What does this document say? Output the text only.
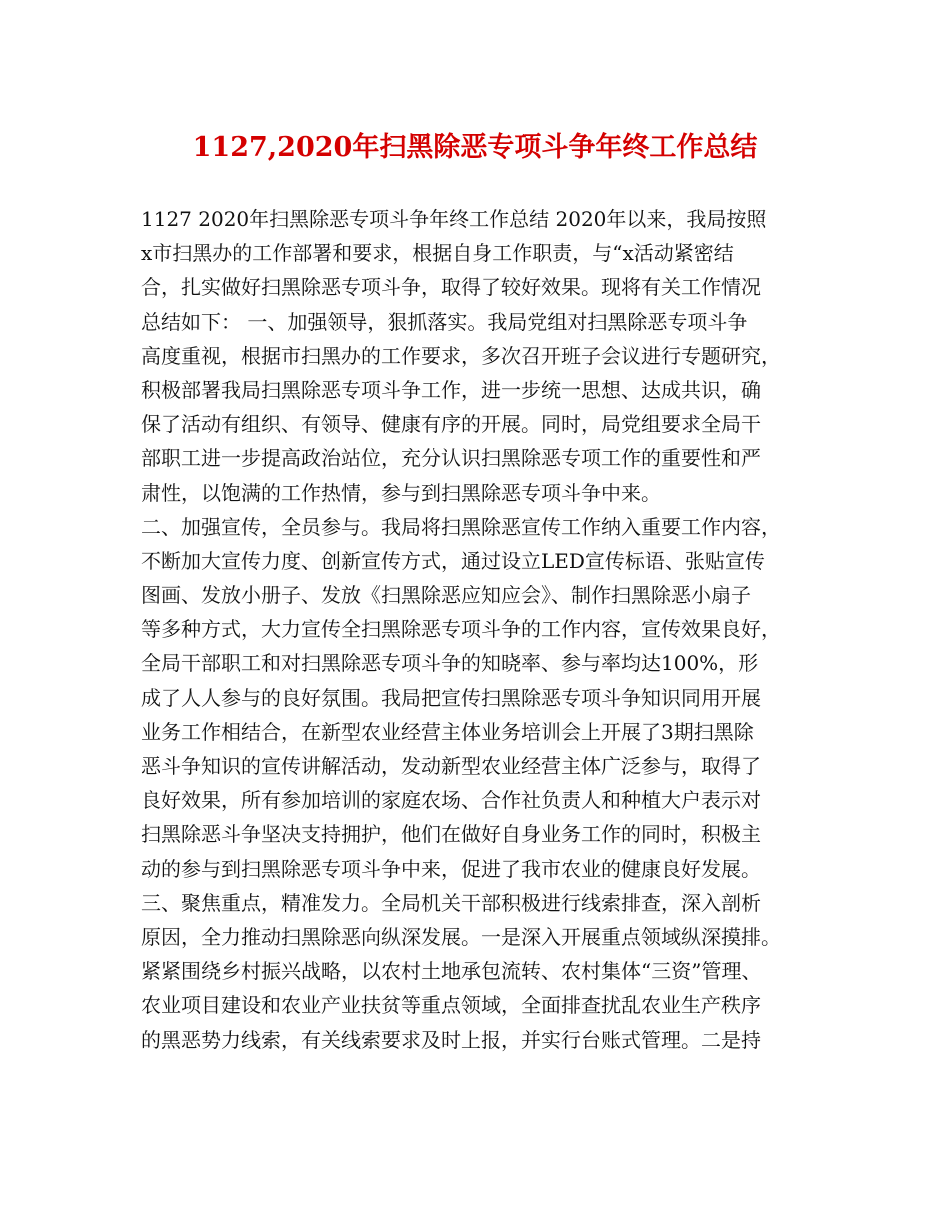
1127,2020年扫黑除恶专项斗争年终工作总结
1127 2020年扫黑除恶专项斗争年终工作总结 2020年以来，我局按照
x市扫黑办的工作部署和要求，根据自身工作职责，与“x活动紧密结
合，扎实做好扫黑除恶专项斗争，取得了较好效果。现将有关工作情况
总结如下： 一、加强领导，狠抓落实。我局党组对扫黑除恶专项斗争
高度重视，根据市扫黑办的工作要求，多次召开班子会议进行专题研究，
积极部署我局扫黑除恶专项斗争工作，进一步统一思想、达成共识，确
保了活动有组织、有领导、健康有序的开展。同时，局党组要求全局干
部职工进一步提高政治站位，充分认识扫黑除恶专项工作的重要性和严
肃性，以饱满的工作热情，参与到扫黑除恶专项斗争中来。
二、加强宣传，全员参与。我局将扫黑除恶宣传工作纳入重要工作内容，
不断加大宣传力度、创新宣传方式，通过设立LED宣传标语、张贴宣传
图画、发放小册子、发放《扫黑除恶应知应会》、制作扫黑除恶小扇子
等多种方式，大力宣传全扫黑除恶专项斗争的工作内容，宣传效果良好，
全局干部职工和对扫黑除恶专项斗争的知晓率、参与率均达100%，形
成了人人参与的良好氛围。我局把宣传扫黑除恶专项斗争知识同用开展
业务工作相结合，在新型农业经营主体业务培训会上开展了3期扫黑除
恶斗争知识的宣传讲解活动，发动新型农业经营主体广泛参与，取得了
良好效果，所有参加培训的家庭农场、合作社负责人和种植大户表示对
扫黑除恶斗争坚决支持拥护，他们在做好自身业务工作的同时，积极主
动的参与到扫黑除恶专项斗争中来，促进了我市农业的健康良好发展。
三、聚焦重点，精准发力。全局机关干部积极进行线索排查，深入剖析
原因，全力推动扫黑除恶向纵深发展。一是深入开展重点领域纵深摸排。
紧紧围绕乡村振兴战略，以农村土地承包流转、农村集体“三资”管理、
农业项目建设和农业产业扶贫等重点领域，全面排查扰乱农业生产秩序
的黑恶势力线索，有关线索要求及时上报，并实行台账式管理。二是持
